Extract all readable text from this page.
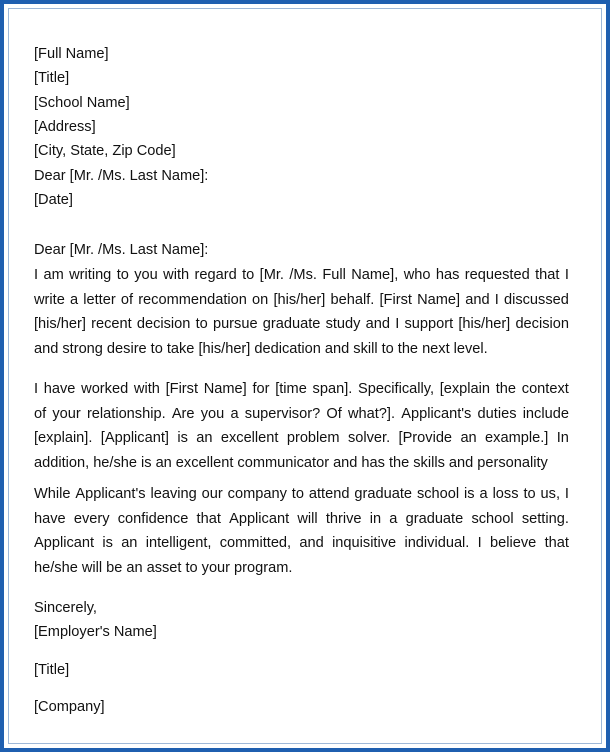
[Full Name]
[Title]
[School Name]
[Address]
[City, State, Zip Code]
Dear [Mr. /Ms. Last Name]:
[Date]
Dear [Mr. /Ms. Last Name]:
I am writing to you with regard to [Mr. /Ms. Full Name], who has requested that I
write a letter of recommendation on [his/her] behalf. [First Name] and I discussed
[his/her] recent decision to pursue graduate study and I support [his/her] decision
and strong desire to take [his/her] dedication and skill to the next level.
I have worked with [First Name] for [time span]. Specifically, [explain the context
of your relationship. Are you a supervisor? Of what?]. Applicant's duties include
[explain]. [Applicant] is an excellent problem solver. [Provide an example.] In
addition, he/she is an excellent communicator and has the skills and personality
While Applicant's leaving our company to attend graduate school is a loss to us, I
have every confidence that Applicant will thrive in a graduate school setting.
Applicant is an intelligent, committed, and inquisitive individual. I believe that
he/she will be an asset to your program.
Sincerely,
[Employer's Name]
[Title]
[Company]
